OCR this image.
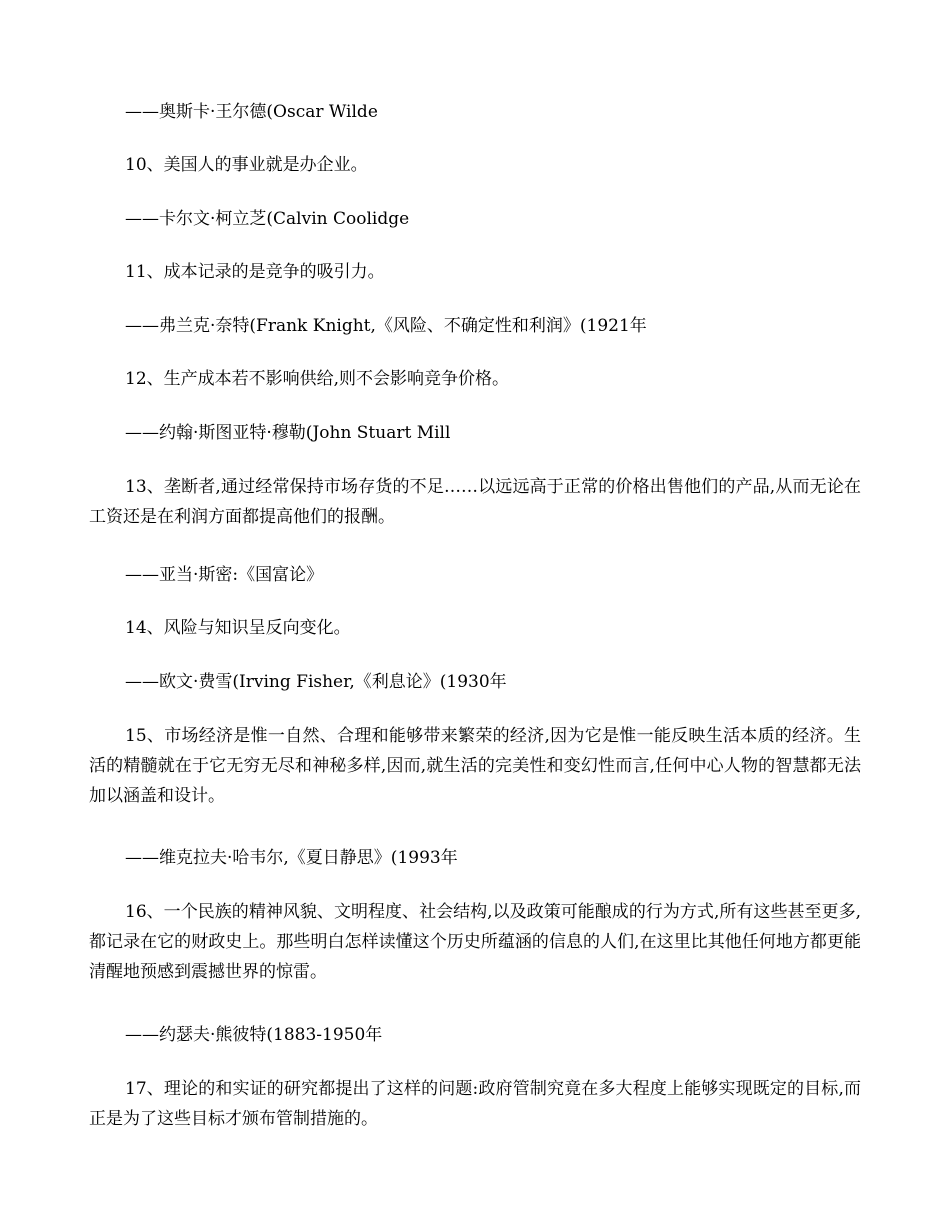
——奥斯卡·王尔德(Oscar Wilde

10、美国人的事业就是办企业。

——卡尔文·柯立芝(Calvin Coolidge

11、成本记录的是竞争的吸引力。

——弗兰克·奈特(Frank Knight,《风险、不确定性和利润》(1921年

12、生产成本若不影响供给,则不会影响竞争价格。

——约翰·斯图亚特·穆勒(John Stuart Mill

13、垄断者,通过经常保持市场存货的不足……以远远高于正常的价格出售他们的产品,从而无论在工资还是在利润方面都提高他们的报酬。

——亚当·斯密:《国富论》

14、风险与知识呈反向变化。

——欧文·费雪(Irving Fisher,《利息论》(1930年

15、市场经济是惟一自然、合理和能够带来繁荣的经济,因为它是惟一能反映生活本质的经济。生活的精髓就在于它无穷无尽和神秘多样,因而,就生活的完美性和变幻性而言,任何中心人物的智慧都无法加以涵盖和设计。

——维克拉夫·哈韦尔,《夏日静思》(1993年

16、一个民族的精神风貌、文明程度、社会结构,以及政策可能酿成的行为方式,所有这些甚至更多,都记录在它的财政史上。那些明白怎样读懂这个历史所蕴涵的信息的人们,在这里比其他任何地方都更能清醒地预感到震撼世界的惊雷。

——约瑟夫·熊彼特(1883-1950年

17、理论的和实证的研究都提出了这样的问题:政府管制究竟在多大程度上能够实现既定的目标,而正是为了这些目标才颁布管制措施的。
